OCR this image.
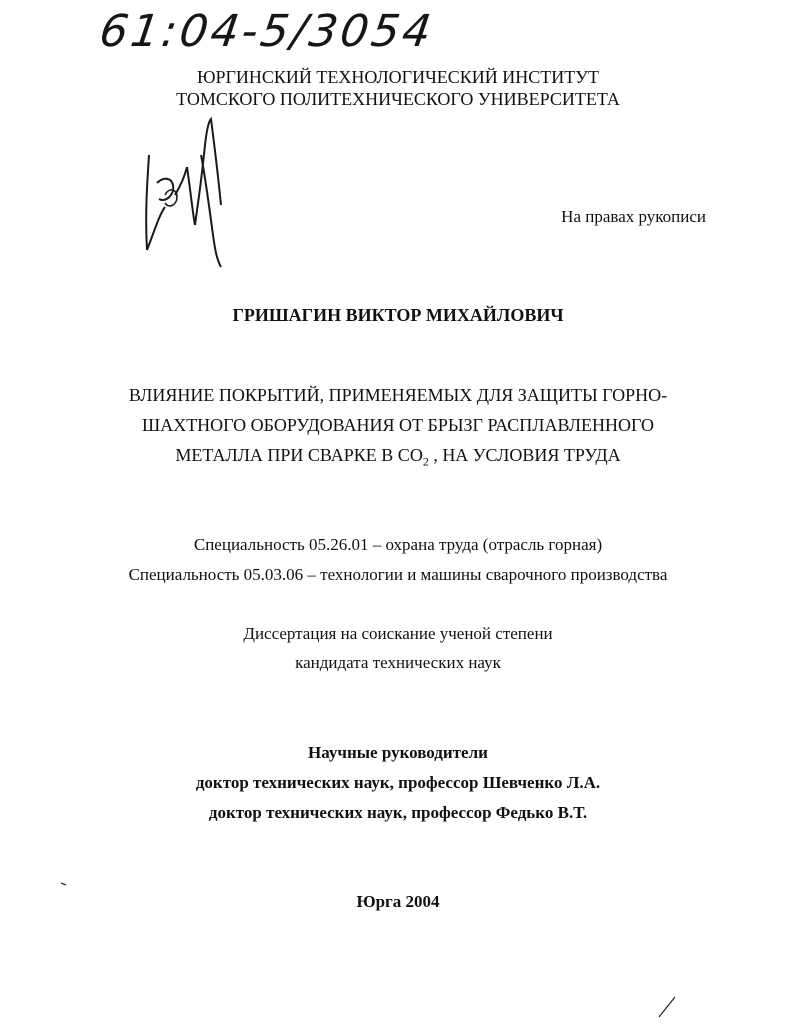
61:04-5/3054
ЮРГИНСКИЙ ТЕХНОЛОГИЧЕСКИЙ ИНСТИТУТ
ТОМСКОГО ПОЛИТЕХНИЧЕСКОГО УНИВЕРСИТЕТА
На правах рукописи
ГРИШАГИН ВИКТОР МИХАЙЛОВИЧ
ВЛИЯНИЕ ПОКРЫТИЙ, ПРИМЕНЯЕМЫХ ДЛЯ ЗАЩИТЫ ГОРНО-
ШАХТНОГО ОБОРУДОВАНИЯ ОТ БРЫЗГ РАСПЛАВЛЕННОГО
МЕТАЛЛА ПРИ СВАРКЕ В $CO_2$ , НА УСЛОВИЯ ТРУДА
Специальность 05.26.01 – охрана труда (отрасль горная)
Специальность 05.03.06 – технологии и машины сварочного производства
Диссертация на соискание ученой степени
кандидата технических наук
Научные руководители
доктор технических наук, профессор Шевченко Л.А.
доктор технических наук, профессор Федько В.Т.
Юрга 2004
